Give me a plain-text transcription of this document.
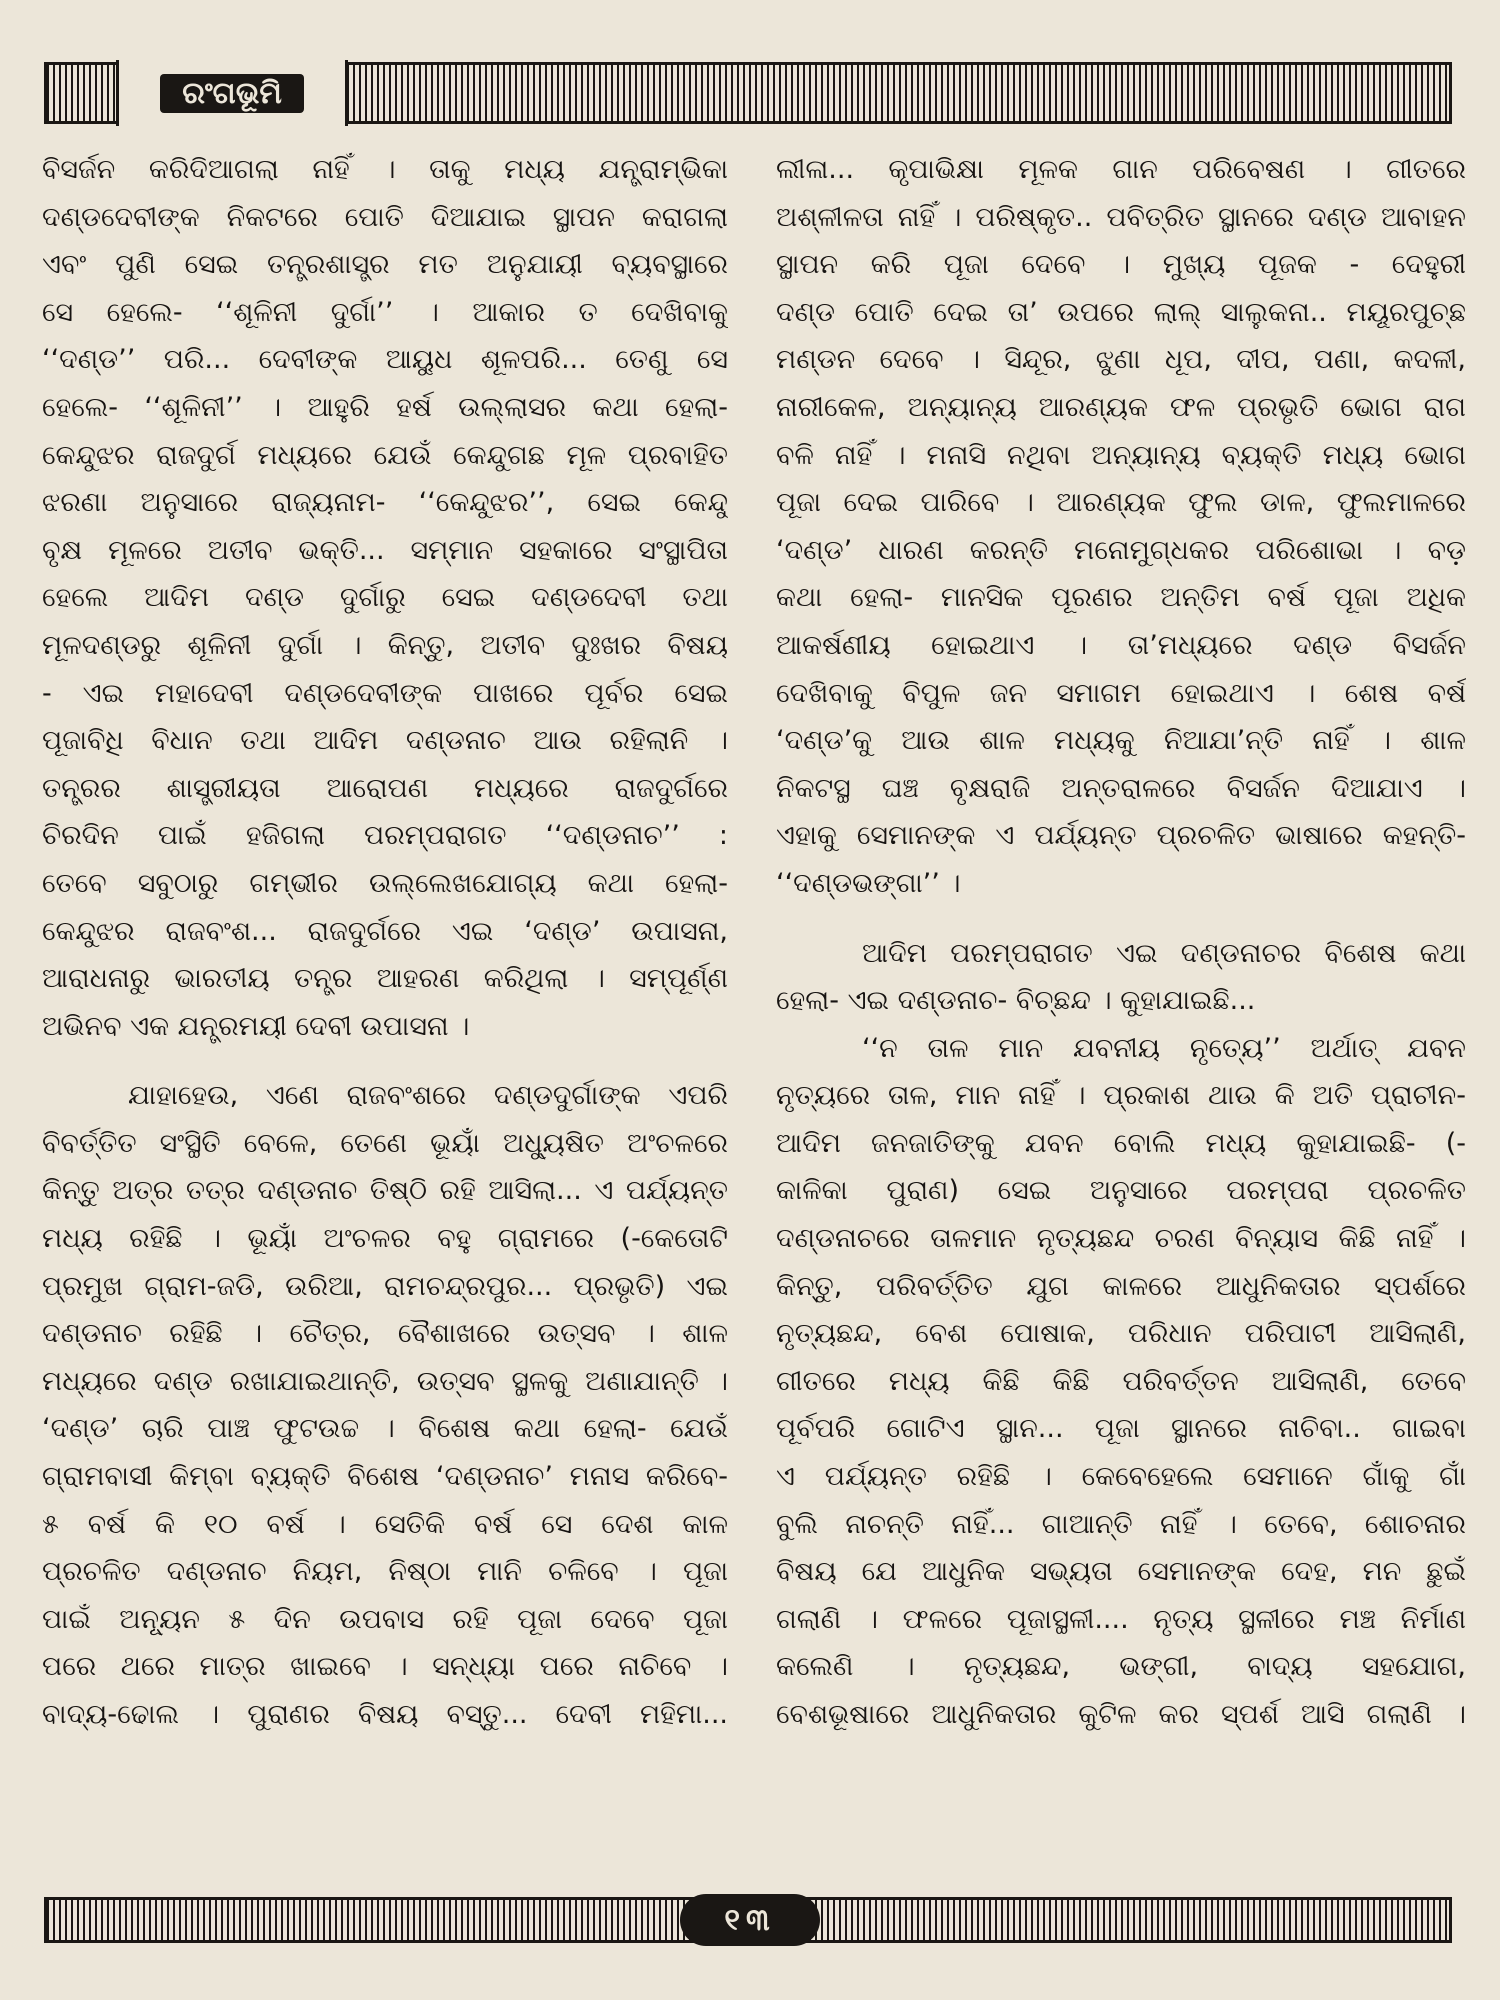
ରଂଗଭୂମି
ବିସର୍ଜନ କରିଦିଆଗଲା ନାହିଁ । ତାକୁ ମଧ୍ୟ ଯନ୍ତ୍ରାମ୍ଭିକା
ଦଣ୍ଡଦେବୀଙ୍କ ନିକଟରେ ପୋତି ଦିଆଯାଇ ସ୍ଥାପନ କରାଗଲା
ଏବଂ ପୁଣି ସେଇ ତନ୍ତ୍ରଶାସ୍ତ୍ର ମତ ଅନୁଯାୟୀ ବ୍ୟବସ୍ଥାରେ
ସେ ହେଲେ- ‘‘ଶୂଳିନୀ ଦୁର୍ଗା’’ । ଆକାର ତ ଦେଖିବାକୁ
‘‘ଦଣ୍ଡ’’ ପରି... ଦେବୀଙ୍କ ଆୟୁଧ ଶୂଳପରି... ତେଣୁ ସେ
ହେଲେ- ‘‘ଶୂଳିନୀ’’ । ଆହୁରି ହର୍ଷ ଉଲ୍ଲାସର କଥା ହେଲା-
କେନ୍ଦୁଝର ରାଜଦୁର୍ଗ ମଧ୍ୟରେ ଯେଉଁ କେନ୍ଦୁଗଛ ମୂଳ ପ୍ରବାହିତ
ଝରଣା ଅନୁସାରେ ରାଜ୍ୟନାମ- ‘‘କେନ୍ଦୁଝର’’, ସେଇ କେନ୍ଦୁ
ବୃକ୍ଷ ମୂଳରେ ଅତୀବ ଭକ୍ତି... ସମ୍ମାନ ସହକାରେ ସଂସ୍ଥାପିତା
ହେଲେ ଆଦିମ ଦଣ୍ଡ ଦୁର୍ଗାରୁ ସେଇ ଦଣ୍ଡଦେବୀ ତଥା
ମୂଳଦଣ୍ଡରୁ ଶୂଳିନୀ ଦୁର୍ଗା । କିନ୍ତୁ, ଅତୀବ ଦୁଃଖର ବିଷୟ
- ଏଇ ମହାଦେବୀ ଦଣ୍ଡଦେବୀଙ୍କ ପାଖରେ ପୂର୍ବର ସେଇ
ପୂଜାବିଧି ବିଧାନ ତଥା ଆଦିମ ଦଣ୍ଡନାଚ ଆଉ ରହିଲାନି ।
ତନ୍ତ୍ରର ଶାସ୍ତ୍ରୀୟତା ଆରୋପଣ ମଧ୍ୟରେ ରାଜଦୁର୍ଗରେ
ଚିରଦିନ ପାଇଁ ହଜିଗଲା ପରମ୍ପରାଗତ ‘‘ଦଣ୍ଡନାଚ’’ :
ତେବେ ସବୁଠାରୁ ଗମ୍ଭୀର ଉଲ୍ଲେଖଯୋଗ୍ୟ କଥା ହେଲା-
କେନ୍ଦୁଝର ରାଜବଂଶ... ରାଜଦୁର୍ଗରେ ଏଇ ‘ଦଣ୍ଡ’ ଉପାସନା,
ଆରାଧନାରୁ ଭାରତୀୟ ତନ୍ତ୍ର ଆହରଣ କରିଥିଲା । ସମ୍ପୂର୍ଣ୍ଣ
ଅଭିନବ ଏକ ଯନ୍ତ୍ରମୟୀ ଦେବୀ ଉପାସନା ।
ଯାହାହେଉ, ଏଣେ ରାଜବଂଶରେ ଦଣ୍ଡଦୁର୍ଗାଙ୍କ ଏପରି
ବିବର୍ତ୍ତିତ ସଂସ୍ଥିତି ବେଳେ, ତେଣେ ଭୂୟାଁ ଅଧ୍ୟୁଷିତ ଅଂଚଳରେ
କିନ୍ତୁ ଅତ୍ର ତତ୍ର ଦଣ୍ଡନାଚ ତିଷ୍ଠି ରହି ଆସିଲା... ଏ ପର୍ଯ୍ୟନ୍ତ
ମଧ୍ୟ ରହିଛି । ଭୂୟାଁ ଅଂଚଳର ବହୁ ଗ୍ରାମରେ (-କେତୋଟି
ପ୍ରମୁଖ ଗ୍ରାମ-ଜଡି, ଉରିଆ, ରାମଚନ୍ଦ୍ରପୁର... ପ୍ରଭୃତି) ଏଇ
ଦଣ୍ଡନାଚ ରହିଛି । ଚୈତ୍ର, ବୈଶାଖରେ ଉତ୍ସବ । ଶାଳ
ମଧ୍ୟରେ ଦଣ୍ଡ ରଖାଯାଇଥାନ୍ତି, ଉତ୍ସବ ସ୍ଥଳକୁ ଅଣାଯାନ୍ତି ।
‘ଦଣ୍ଡ’ ଚାରି ପାଞ୍ଚ ଫୁଟଉଚ୍ଚ । ବିଶେଷ କଥା ହେଲା- ଯେଉଁ
ଗ୍ରାମବାସୀ କିମ୍ବା ବ୍ୟକ୍ତି ବିଶେଷ ‘ଦଣ୍ଡନାଚ’ ମନାସ କରିବେ-
୫ ବର୍ଷ କି ୧୦ ବର୍ଷ । ସେତିକି ବର୍ଷ ସେ ଦେଶ କାଳ
ପ୍ରଚଳିତ ଦଣ୍ଡନାଚ ନିୟମ, ନିଷ୍ଠା ମାନି ଚଳିବେ । ପୂଜା
ପାଇଁ ଅନ୍ୟୂନ ୫ ଦିନ ଉପବାସ ରହି ପୂଜା ଦେବେ ପୂଜା
ପରେ ଥରେ ମାତ୍ର ଖାଇବେ । ସନ୍ଧ୍ୟା ପରେ ନାଚିବେ ।
ବାଦ୍ୟ-ଢୋଲ । ପୁରାଣର ବିଷୟ ବସ୍ତୁ... ଦେବୀ ମହିମା...
ଲୀଳା... କୃପାଭିକ୍ଷା ମୂଳକ ଗାନ ପରିବେଷଣ । ଗୀତରେ
ଅଶ୍ଳୀଳତା ନାହିଁ । ପରିଷ୍କୃତ.. ପବିତ୍ରିତ ସ୍ଥାନରେ ଦଣ୍ଡ ଆବାହନ
ସ୍ଥାପନ କରି ପୂଜା ଦେବେ । ମୁଖ୍ୟ ପୂଜକ - ଦେହୁରୀ
ଦଣ୍ଡ ପୋତି ଦେଇ ତା’ ଉପରେ ଲାଲ୍ ସାଲୁକନା.. ମୟୂରପୁଚ୍ଛ
ମଣ୍ଡନ ଦେବେ । ସିନ୍ଦୂର, ଝୁଣା ଧୂପ, ଦୀପ, ପଣା, କଦଳୀ,
ନାରୀକେଳ, ଅନ୍ୟାନ୍ୟ ଆରଣ୍ୟକ ଫଳ ପ୍ରଭୃତି ଭୋଗ ରାଗ
ବଳି ନାହିଁ । ମନାସି ନଥିବା ଅନ୍ୟାନ୍ୟ ବ୍ୟକ୍ତି ମଧ୍ୟ ଭୋଗ
ପୂଜା ଦେଇ ପାରିବେ । ଆରଣ୍ୟକ ଫୁଲ ଡାଳ, ଫୁଲମାଳରେ
‘ଦଣ୍ଡ’ ଧାରଣ କରନ୍ତି ମନୋମୁଗ୍ଧକର ପରିଶୋଭା । ବଡ଼
କଥା ହେଲା- ମାନସିକ ପୂରଣର ଅନ୍ତିମ ବର୍ଷ ପୂଜା ଅଧିକ
ଆକର୍ଷଣୀୟ ହୋଇଥାଏ । ତା’ମଧ୍ୟରେ ଦଣ୍ଡ ବିସର୍ଜନ
ଦେଖିବାକୁ ବିପୁଳ ଜନ ସମାଗମ ହୋଇଥାଏ । ଶେଷ ବର୍ଷ
‘ଦଣ୍ଡ’କୁ ଆଉ ଶାଳ ମଧ୍ୟକୁ ନିଆଯା’ନ୍ତି ନାହିଁ । ଶାଳ
ନିକଟସ୍ଥ ଘଞ୍ଚ ବୃକ୍ଷରାଜି ଅନ୍ତରାଳରେ ବିସର୍ଜନ ଦିଆଯାଏ ।
ଏହାକୁ ସେମାନଙ୍କ ଏ ପର୍ଯ୍ୟନ୍ତ ପ୍ରଚଳିତ ଭାଷାରେ କହନ୍ତି-
‘‘ଦଣ୍ଡଭଙ୍ଗା’’ ।
ଆଦିମ ପରମ୍ପରାଗତ ଏଇ ଦଣ୍ଡନାଚର ବିଶେଷ କଥା
ହେଲା- ଏଇ ଦଣ୍ଡନାଚ- ବିଚ୍ଛନ୍ଦ । କୁହାଯାଇଛି...
‘‘ନ ତାଳ ମାନ ଯବନୀୟ ନୃତ୍ୟେ’’ ଅର୍ଥାତ୍ ଯବନ
ନୃତ୍ୟରେ ତାଳ, ମାନ ନାହିଁ । ପ୍ରକାଶ ଥାଉ କି ଅତି ପ୍ରାଚୀନ-
ଆଦିମ ଜନଜାତିଙ୍କୁ ଯବନ ବୋଲି ମଧ୍ୟ କୁହାଯାଇଛି- (-
କାଳିକା ପୁରାଣ) ସେଇ ଅନୁସାରେ ପରମ୍ପରା ପ୍ରଚଳିତ
ଦଣ୍ଡନାଚରେ ତାଳମାନ ନୃତ୍ୟଛନ୍ଦ ଚରଣ ବିନ୍ୟାସ କିଛି ନାହିଁ ।
କିନ୍ତୁ, ପରିବର୍ତ୍ତିତ ଯୁଗ କାଳରେ ଆଧୁନିକତାର ସ୍ପର୍ଶରେ
ନୃତ୍ୟଛନ୍ଦ, ବେଶ ପୋଷାକ, ପରିଧାନ ପରିପାଟୀ ଆସିଲାଣି,
ଗୀତରେ ମଧ୍ୟ କିଛି କିଛି ପରିବର୍ତ୍ତନ ଆସିଲାଣି, ତେବେ
ପୂର୍ବପରି ଗୋଟିଏ ସ୍ଥାନ... ପୂଜା ସ୍ଥାନରେ ନାଚିବା.. ଗାଇବା
ଏ ପର୍ଯ୍ୟନ୍ତ ରହିଛି । କେବେହେଲେ ସେମାନେ ଗାଁକୁ ଗାଁ
ବୁଲି ନାଚନ୍ତି ନାହିଁ... ଗାଆନ୍ତି ନାହିଁ । ତେବେ, ଶୋଚନାର
ବିଷୟ ଯେ ଆଧୁନିକ ସଭ୍ୟତା ସେମାନଙ୍କ ଦେହ, ମନ ଛୁଇଁ
ଗଲାଣି । ଫଳରେ ପୂଜାସ୍ଥଳୀ.... ନୃତ୍ୟ ସ୍ଥଳୀରେ ମଞ୍ଚ ନିର୍ମାଣ
କଲେଣି । ନୃତ୍ୟଛନ୍ଦ, ଭଙ୍ଗୀ, ବାଦ୍ୟ ସହଯୋଗ,
ବେଶଭୂଷାରେ ଆଧୁନିକତାର କୁଟିଳ କର ସ୍ପର୍ଶ ଆସି ଗଲାଣି ।
୧୩
